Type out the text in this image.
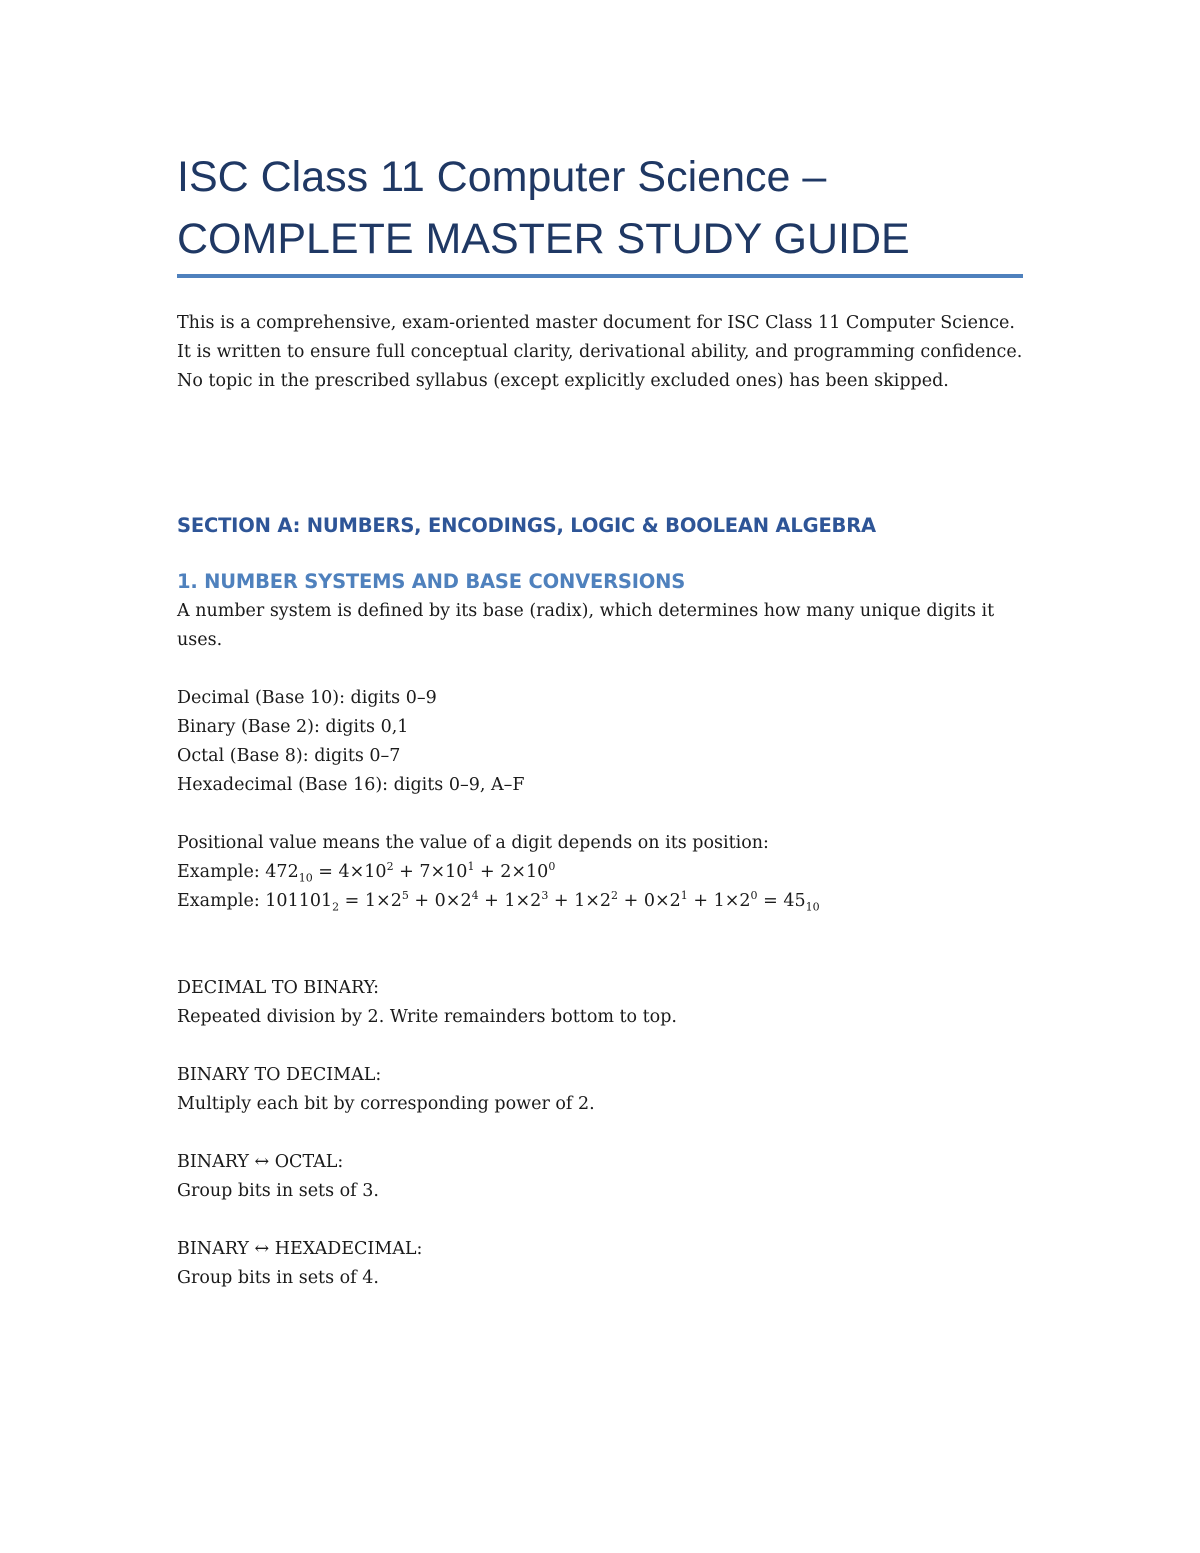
ISC Class 11 Computer Science –
COMPLETE MASTER STUDY GUIDE
This is a comprehensive, exam-oriented master document for ISC Class 11 Computer Science.
It is written to ensure full conceptual clarity, derivational ability, and programming confidence.
No topic in the prescribed syllabus (except explicitly excluded ones) has been skipped.
SECTION A: NUMBERS, ENCODINGS, LOGIC & BOOLEAN ALGEBRA
1. NUMBER SYSTEMS AND BASE CONVERSIONS
A number system is defined by its base (radix), which determines how many unique digits it uses.
Decimal (Base 10): digits 0–9
Binary (Base 2): digits 0,1
Octal (Base 8): digits 0–7
Hexadecimal (Base 16): digits 0–9, A–F
Positional value means the value of a digit depends on its position:
Example: $472_{10} = 4\times 10^2 + 7\times 10^1 + 2\times 10^0$
Example: $101101_2 = 1\times 2^5 + 0\times 2^4 + 1\times 2^3 + 1\times 2^2 + 0\times 2^1 + 1\times 2^0 = 45_{10}$
DECIMAL TO BINARY:
Repeated division by 2. Write remainders bottom to top.
BINARY TO DECIMAL:
Multiply each bit by corresponding power of 2.
BINARY ↔ OCTAL:
Group bits in sets of 3.
BINARY ↔ HEXADECIMAL:
Group bits in sets of 4.
